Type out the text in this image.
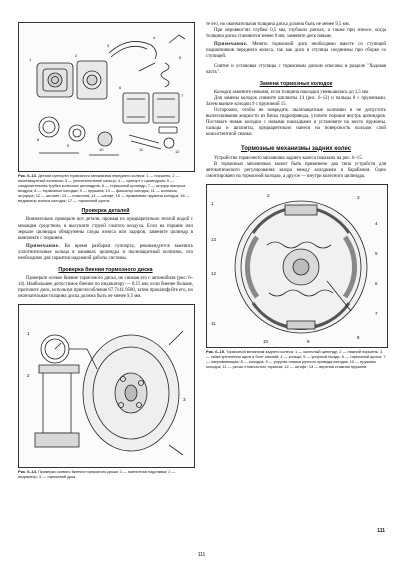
1
2
3
4
5
6
7
8
9
10	11	12
Рис. 6–13. Детали суппорта тормозного механизма переднего колеса: 1 — поршень; 2 — пылезащитный колпачок; 3 — уплотнительное кольцо; 4 — суппорт с цилиндром; 5 — соединительная трубка колесных цилиндров; 6 — тормозной цилиндр; 7 — штуцер выпуска воздуха; 8 — тормозные колодки; 9 — пружина; 10 — фиксатор колодок; 11 — колпачок штуцера; 12 — шплинт; 13 — пластина; 14 — штифт; 15 — прижимная пружина колодок; 16 — индикатор износа колодок; 17 — тормозной щиток
Проверка деталей

Внимательно проверьте все детали, промыв их предварительно теплой водой с моющим средством, и высушите струей сжатого воздуха. Если на поршне или зеркале цилиндра обнаружены следы износа или задиров, замените цилиндр в комплекте с поршнем.

Примечание. Во время разборки суппорта, рекомендуется заменить уплотнительные кольца в канавках цилиндра и пылезащитный колпачок, что необходимо для гарантии надежной работы системы.

Проверка биения тормозного диска

Проверьте осевое биение тормозного диска, не снимая его с автомобиля (рис. 6–14). Наибольшее допустимое биение по индикатору — 0,15 мм; если биение больше, проточите диск, используя приспособление 67.7141.9500, затем прошлифуйте его, но окончательная толщина диска должна быть не менее 9,5 мм.

1
2
3
Рис. 6–14. Проверка осевого биения тормозного диска: 1 — магнитная подставка; 2 — индикатор; 3 — тормозной диск

те его, но окончательная толщина диска должна быть не менее 9,5 мм.

При неровностях глубже 0,5 мм, глубоких рисках, а также при износе, когда толщина диска становится менее 9 мм, замените диск новым.

Примечание. Менять тормозной диск необходимо вместе со ступицей подшипников переднего колеса, так как диск и ступица соединены при сборке со ступицей.

Снятие и установка ступицы с тормозным диском описаны в разделе "Ходовая часть".

Замена тормозных колодок

Колодки замените новыми, если толщина накладки уменьшилась до 1,5 мм.

Для замены колодок снимите шплинты 14 (рис. 6–12) и пальцы 8 с пружинами. Затем выньте колодки 9 с пружиной 15.

Осторожно, чтобы не повредить пылезащитные колпачки и не допустить выплескивания жидкости из бачка гидропривода, утопите поршни внутрь цилиндров. Поставьте новые колодки с новыми накладками и установите на место пружины, пальцы и шплинты, предварительно нанеся на поверхность колодок слой консистентной смазки.

Тормозные механизмы задних колес

Устройство тормозного механизма заднего колеса показано на рис. 6–15.

В тормозных механизмах может быть применено два типа устройств для автоматического регулирования зазора между колодками и барабаном. Одно смонтировано на тормозной колодке, а другое — внутри колесного цилиндра.

1
2	3
4
5
6
7
8
9
10
11
12
13
Рис. 6–15. Тормозной механизм заднего колеса: 1 — колесный цилиндр; 2 — нижний поршень; 3 — гайка крепления щита и болт нижний; 4 — кольцо; 5 — упорный гвоздь; 6 — тормозной щиток; 7 — направляющая; 8 — колодка; 9 — упругая планка ручного привода колодок; 10 — пружины колодок; 11 — рычаг стояночного тормоза; 12 — штифт; 13 — верхняя стяжная пружина
111
111
